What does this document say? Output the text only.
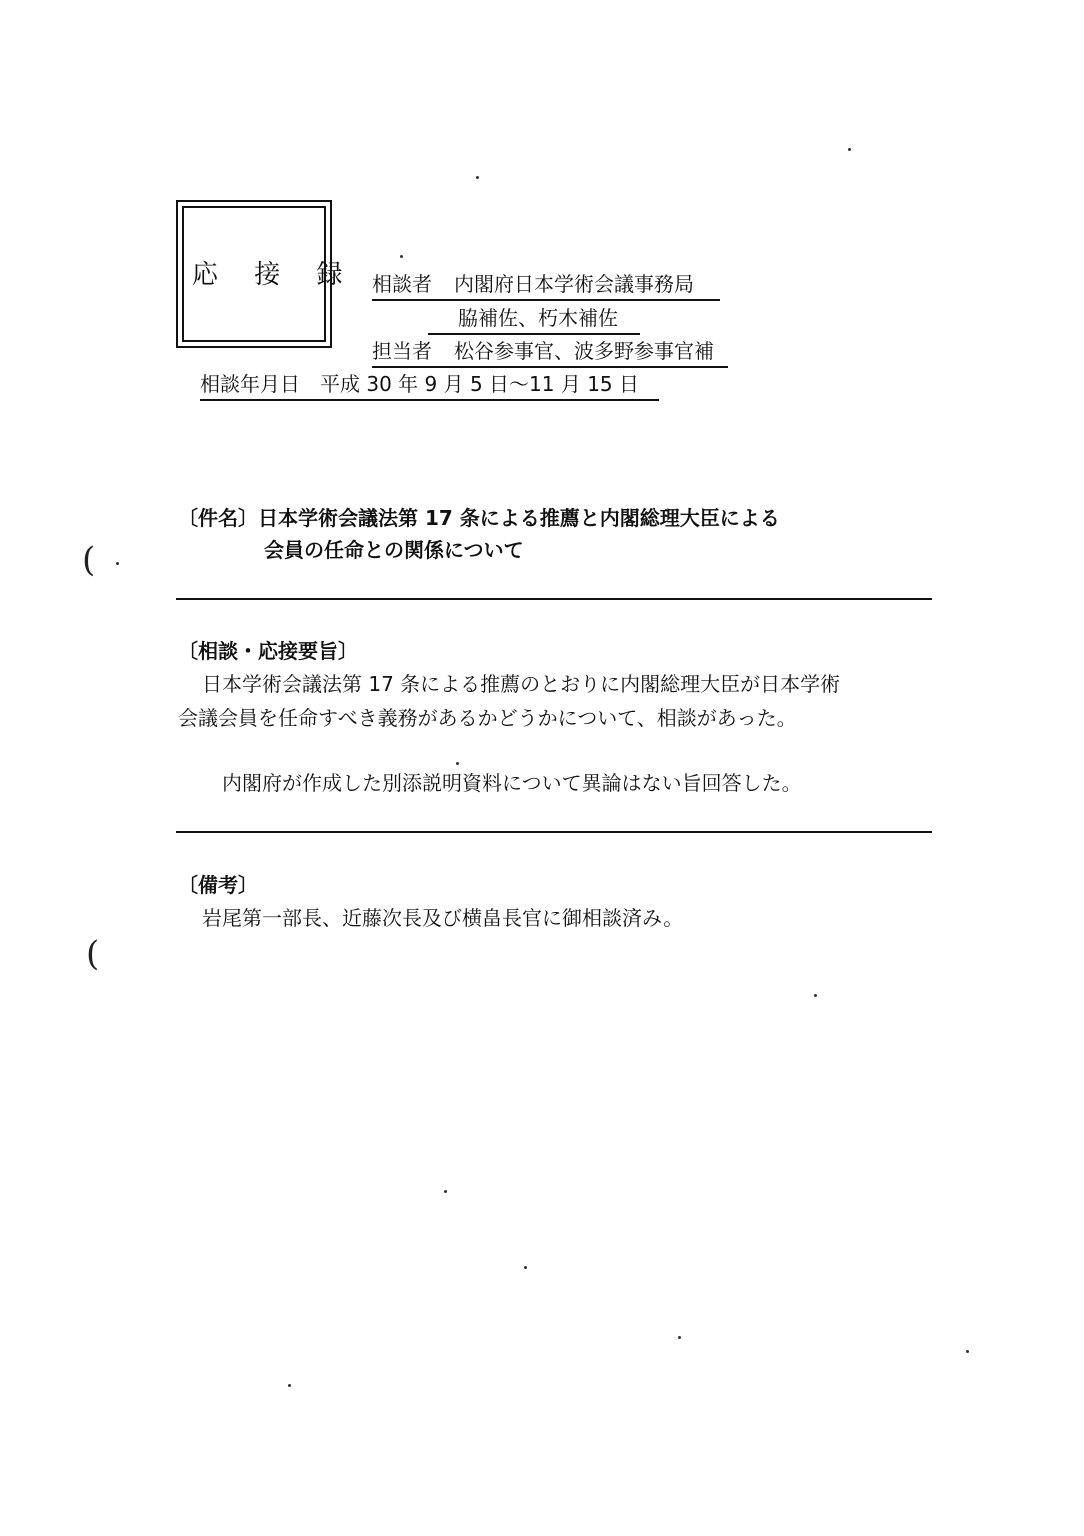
応 接 録 相談者 内閣府日本学術会議事務局
脇補佐、朽木補佐
担当者 松谷参事官、波多野参事官補
相談年月日 平成 30 年 9 月 5 日～11 月 15 日
〔件名〕日本学術会議法第 17 条による推薦と内閣総理大臣による
会員の任命との関係について
〔相談・応接要旨〕
日本学術会議法第 17 条による推薦のとおりに内閣総理大臣が日本学術
会議会員を任命すべき義務があるかどうかについて、相談があった。
内閣府が作成した別添説明資料について異論はない旨回答した。
〔備考〕
岩尾第一部長、近藤次長及び横畠長官に御相談済み。
(
(
